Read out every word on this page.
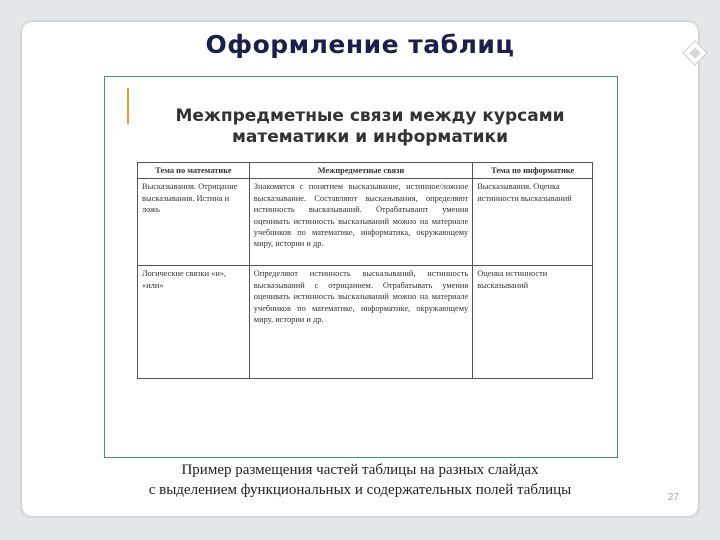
Оформление таблиц
Межпредметные связи между курсами
математики и информатики
Тема по математике	Межпредметные связи	Тема по информатике
Высказывания. Отрицание высказывания. Истина и ложь	Знакомятся с понятием высказывание, истинное/ложное высказывание. Составляют высказывания, определяют истинность высказываний. Отрабатывают умения оценивать истинность высказываний можно на материале учебников по математике, информатика, окружающему миру, истории и др.	Высказывания. Оценка истинности высказываний
Логические связки «и», «или»	Определяют истинность высказываний, истинность высказываний с отрицанием. Отрабатывать умения оценивать истинность высказываний можно на материале учебников по математике, информатике, окружающему миру, истории и др.	Оценка истинности высказываний
Пример размещения частей таблицы на разных слайдах
с выделением функциональных и содержательных полей таблицы	27
